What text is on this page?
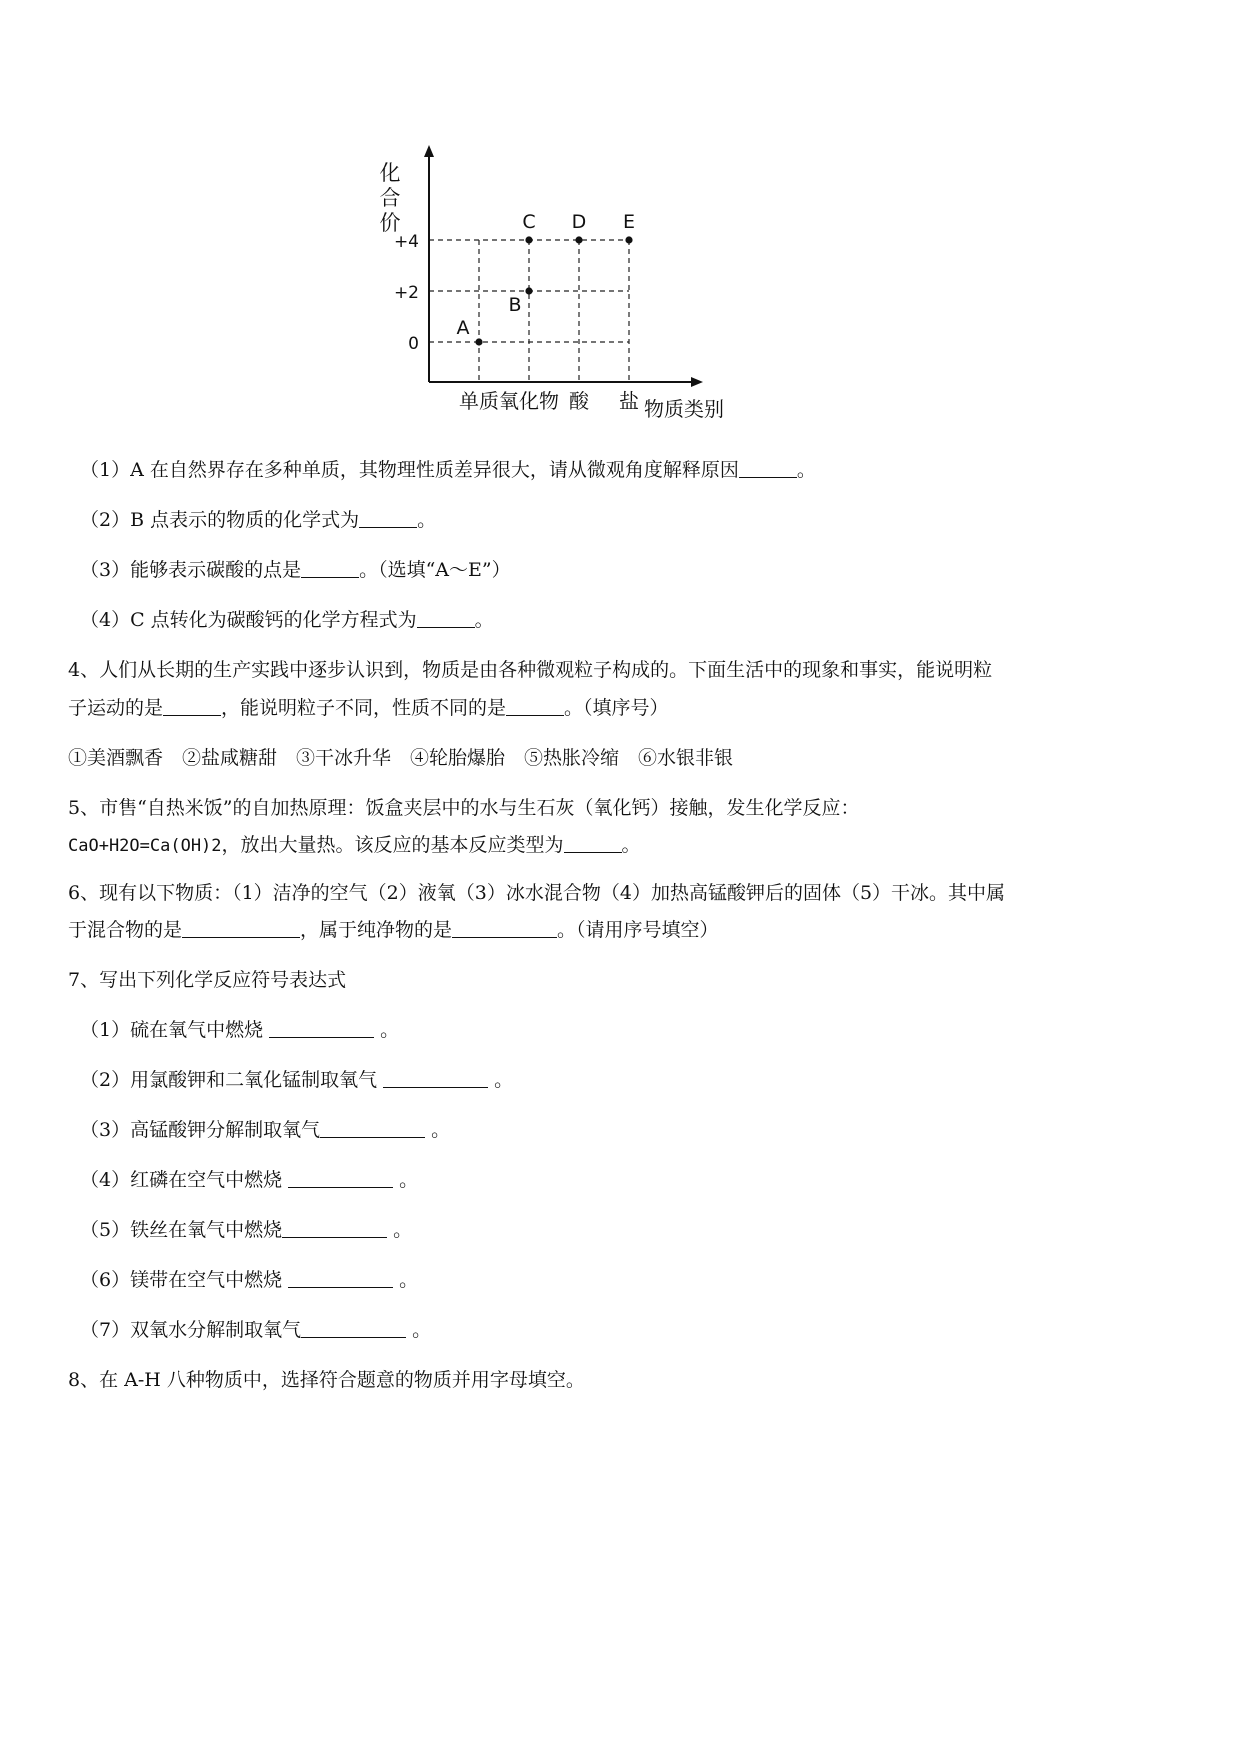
化合价
物质类别
0
+2
+4
单质 氧化物 酸 盐
A
B
C D E
（1）A 在自然界存在多种单质，其物理性质差异很大，请从微观角度解释原因	。
（2）B 点表示的物质的化学式为	。
（3）能够表示碳酸的点是	。（选填“A～E”）
（4）C 点转化为碳酸钙的化学方程式为	。
4、人们从长期的生产实践中逐步认识到，物质是由各种微观粒子构成的。下面生活中的现象和事实，能说明粒
子运动的是	，能说明粒子不同，性质不同的是	。（填序号）
①美酒飘香　②盐咸糖甜　③干冰升华　④轮胎爆胎　⑤热胀冷缩　⑥水银非银
5、市售“自热米饭”的自加热原理：饭盒夹层中的水与生石灰（氧化钙）接触，发生化学反应：
CaO+H2O=Ca(OH)2，放出大量热。该反应的基本反应类型为	。
6、现有以下物质：（1）洁净的空气（2）液氧（3）冰水混合物（4）加热高锰酸钾后的固体（5）干冰。其中属
于混合物的是	，属于纯净物的是	。（请用序号填空）
7、写出下列化学反应符号表达式
（1）硫在氧气中燃烧	。
（2）用氯酸钾和二氧化锰制取氧气	。
（3）高锰酸钾分解制取氧气	。
（4）红磷在空气中燃烧	。
（5）铁丝在氧气中燃烧	。
（6）镁带在空气中燃烧	。
（7）双氧水分解制取氧气	。
8、在 A-H 八种物质中，选择符合题意的物质并用字母填空。
